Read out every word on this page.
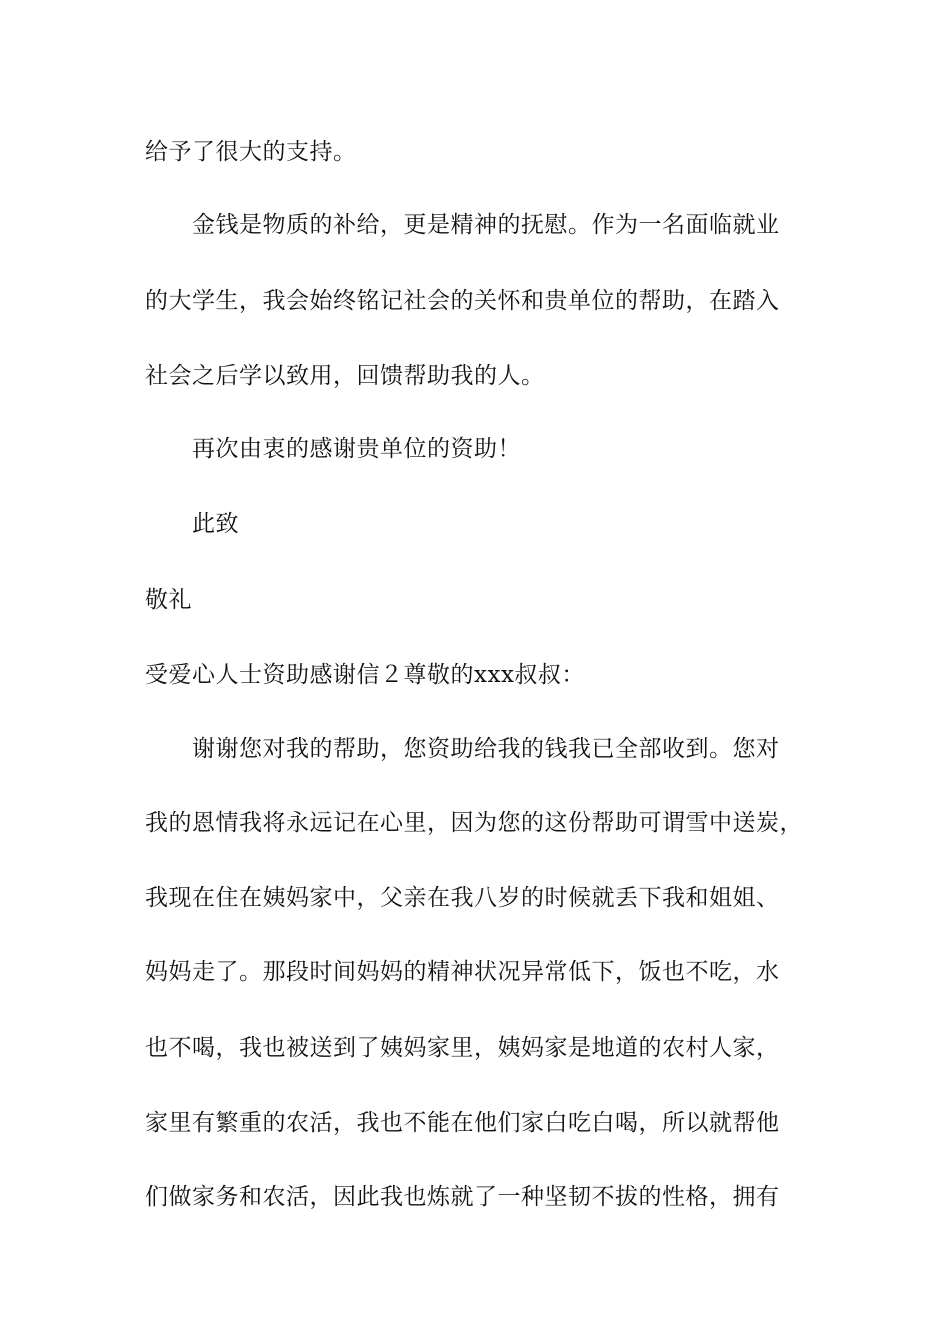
给予了很大的支持。
金钱是物质的补给，更是精神的抚慰。作为一名面临就业
的大学生，我会始终铭记社会的关怀和贵单位的帮助，在踏入
社会之后学以致用，回馈帮助我的人。
再次由衷的感谢贵单位的资助！
此致
敬礼
受爱心人士资助感谢信２尊敬的xxx叔叔：
谢谢您对我的帮助，您资助给我的钱我已全部收到。您对
我的恩情我将永远记在心里，因为您的这份帮助可谓雪中送炭，
我现在住在姨妈家中，父亲在我八岁的时候就丢下我和姐姐、
妈妈走了。那段时间妈妈的精神状况异常低下，饭也不吃，水
也不喝，我也被送到了姨妈家里，姨妈家是地道的农村人家，
家里有繁重的农活，我也不能在他们家白吃白喝，所以就帮他
们做家务和农活，因此我也炼就了一种坚韧不拔的性格，拥有
